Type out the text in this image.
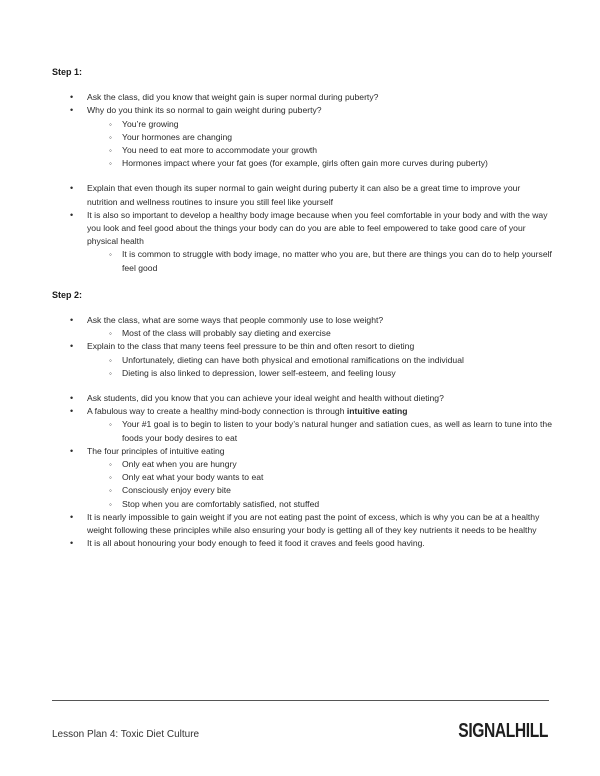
Step 1:
• Ask the class, did you know that weight gain is super normal during puberty?
• Why do you think its so normal to gain weight during puberty?
◦ You’re growing
◦ Your hormones are changing
◦ You need to eat more to accommodate your growth
◦ Hormones impact where your fat goes (for example, girls often gain more curves during puberty)
• Explain that even though its super normal to gain weight during puberty it can also be a great time to improve your nutrition and wellness routines to insure you still feel like yourself
• It is also so important to develop a healthy body image because when you feel comfortable in your body and with the way you look and feel good about the things your body can do you are able to feel empowered to take good care of your physical health
◦ It is common to struggle with body image, no matter who you are, but there are things you can do to help yourself feel good
Step 2:
• Ask the class, what are some ways that people commonly use to lose weight?
◦ Most of the class will probably say dieting and exercise
• Explain to the class that many teens feel pressure to be thin and often resort to dieting
◦ Unfortunately, dieting can have both physical and emotional ramifications on the individual
◦ Dieting is also linked to depression, lower self-esteem, and feeling lousy
• Ask students, did you know that you can achieve your ideal weight and health without dieting?
• A fabulous way to create a healthy mind-body connection is through intuitive eating
◦ Your #1 goal is to begin to listen to your body’s natural hunger and satiation cues, as well as learn to tune into the foods your body desires to eat
• The four principles of intuitive eating
◦ Only eat when you are hungry
◦ Only eat what your body wants to eat
◦ Consciously enjoy every bite
◦ Stop when you are comfortably satisfied, not stuffed
• It is nearly impossible to gain weight if you are not eating past the point of excess, which is why you can be at a healthy weight following these principles while also ensuring your body is getting all of they key nutrients it needs to be healthy
• It is all about honouring your body enough to feed it food it craves and feels good having.
Lesson Plan 4: Toxic Diet Culture	SIGNALHILL
